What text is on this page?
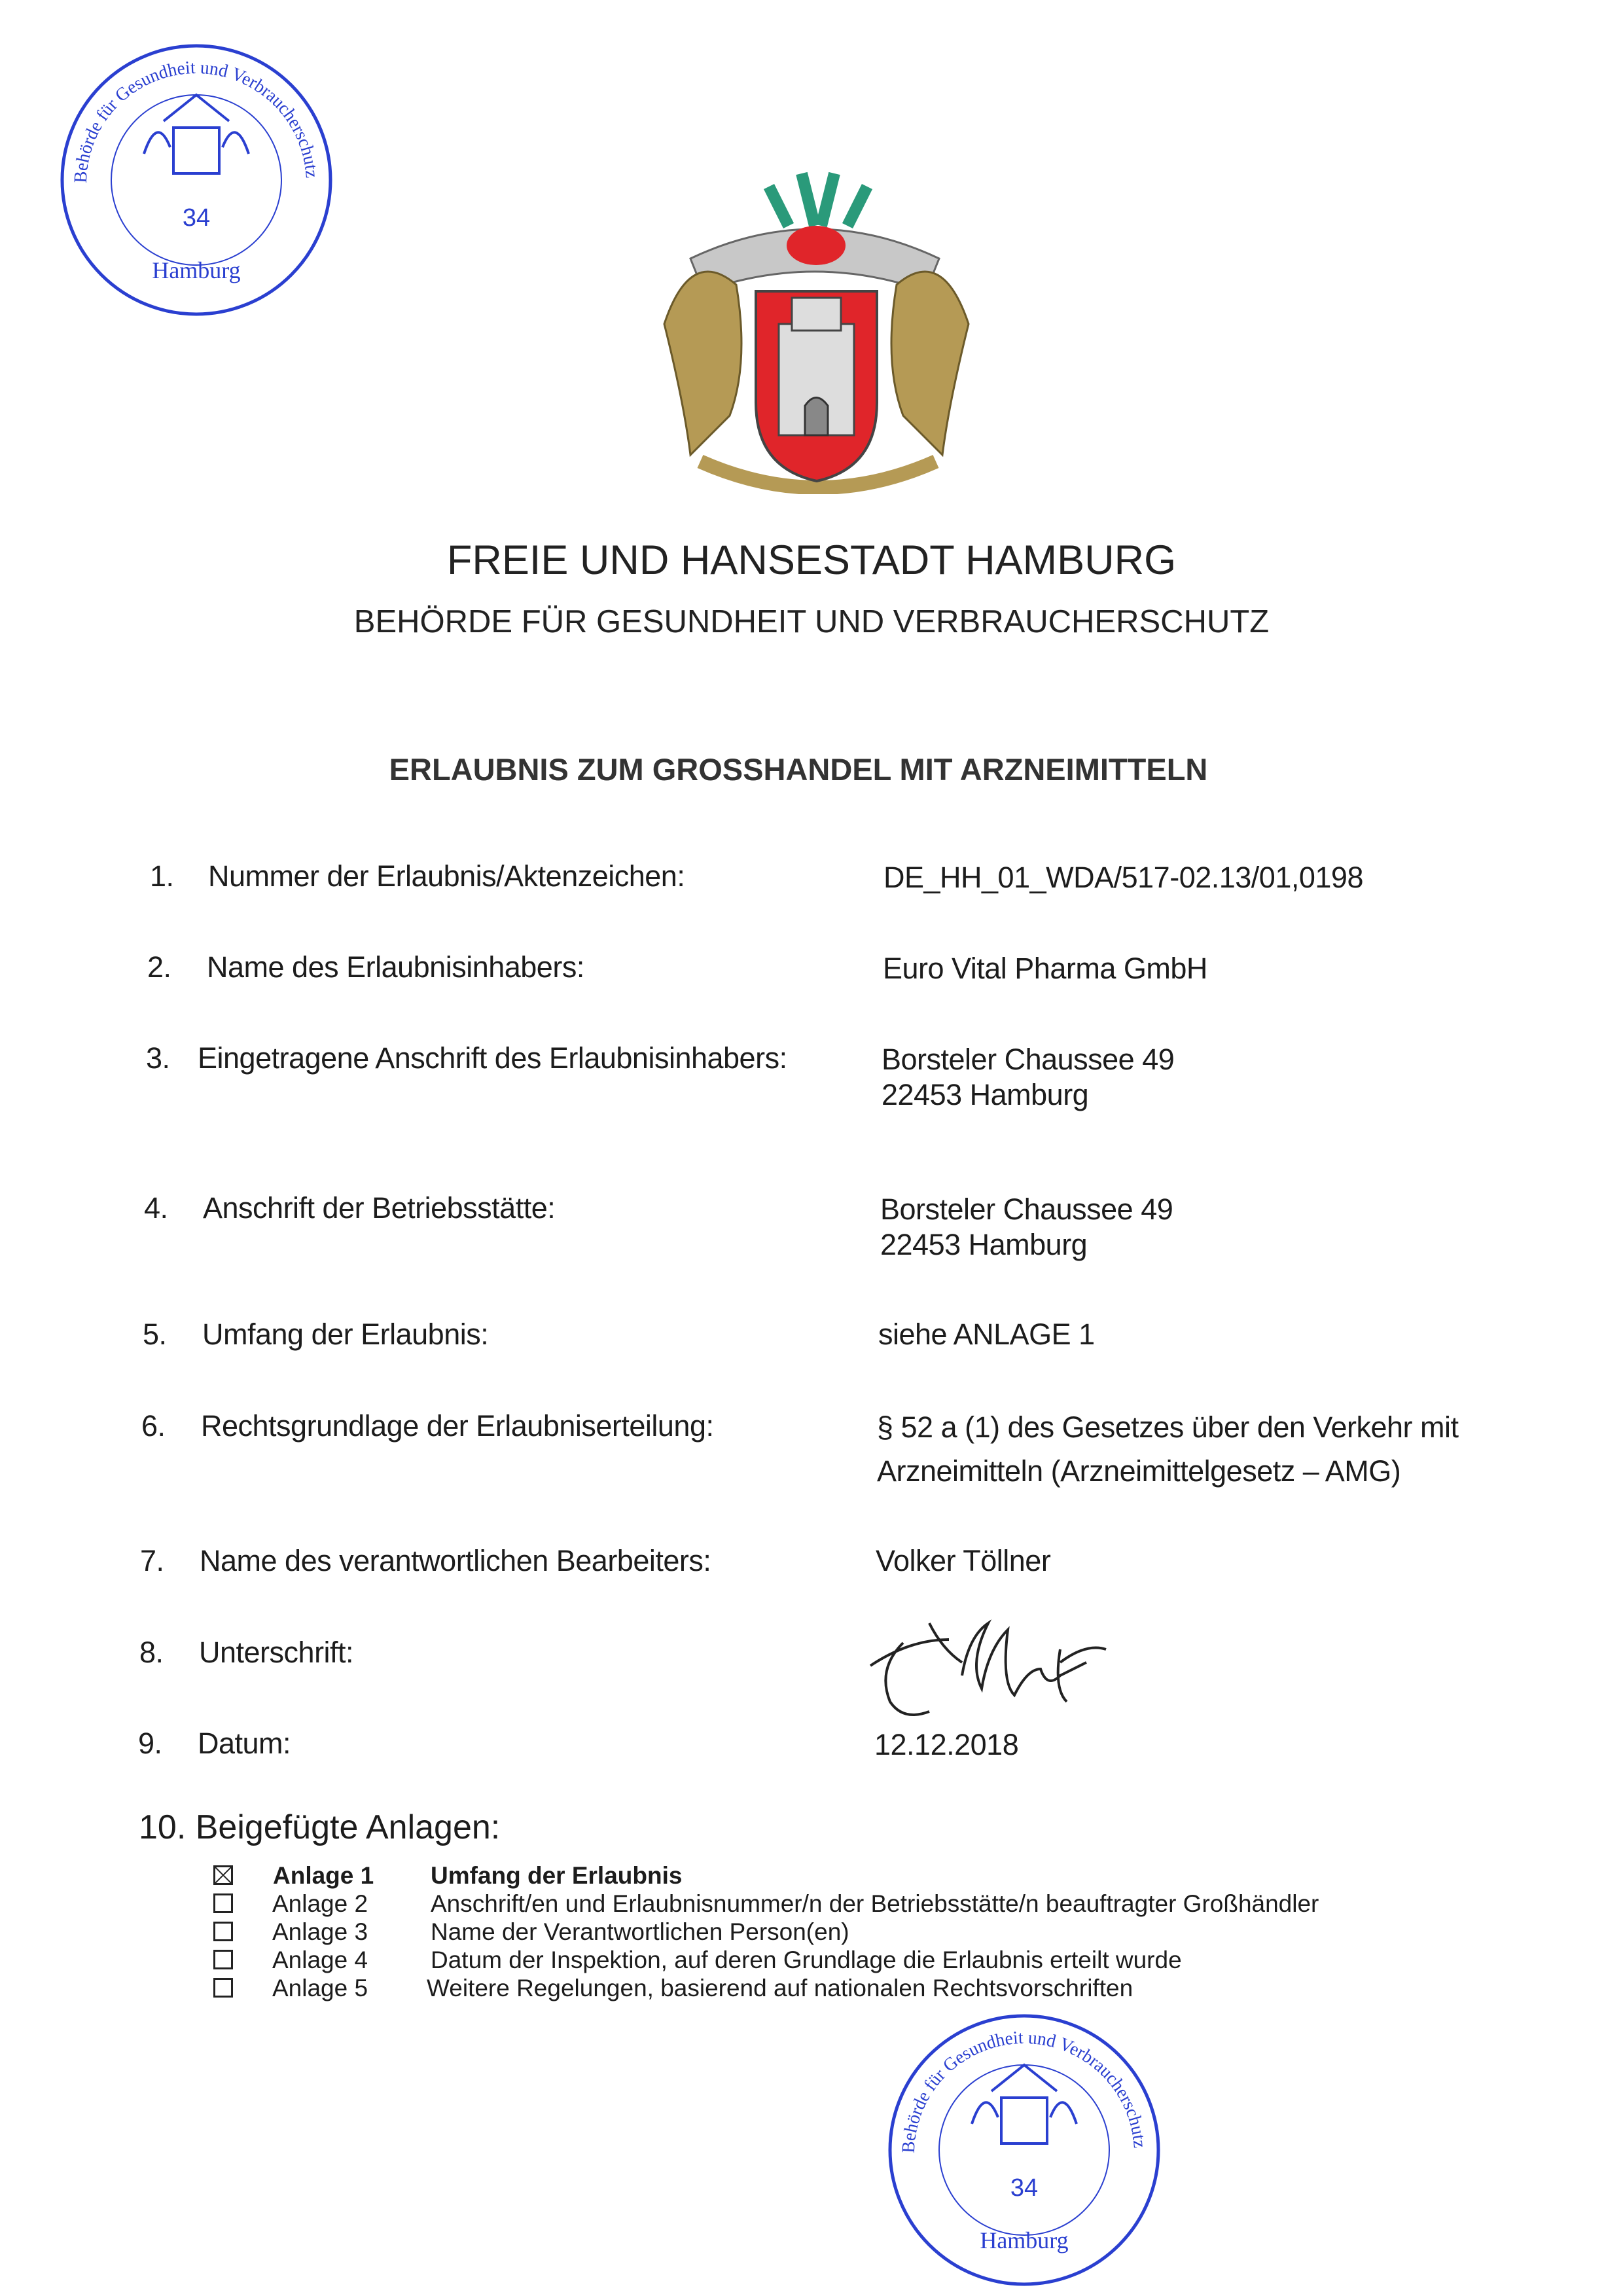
Behörde für Gesundheit und Verbraucherschutz
34
Hamburg
FREIE UND HANSESTADT HAMBURG
BEHÖRDE FÜR GESUNDHEIT UND VERBRAUCHERSCHUTZ
ERLAUBNIS ZUM GROSSHANDEL MIT ARZNEIMITTELN
1. Nummer der Erlaubnis/Aktenzeichen:	DE_HH_01_WDA/517-02.13/01,0198
2. Name des Erlaubnisinhabers:	Euro Vital Pharma GmbH
3. Eingetragene Anschrift des Erlaubnisinhabers:	Borsteler Chaussee 49
22453 Hamburg
4. Anschrift der Betriebsstätte:	Borsteler Chaussee 49
22453 Hamburg
5. Umfang der Erlaubnis:	siehe ANLAGE 1
6. Rechtsgrundlage der Erlaubniserteilung:	§ 52 a (1) des Gesetzes über den Verkehr mit
Arzneimitteln (Arzneimittelgesetz – AMG)
7. Name des verantwortlichen Bearbeiters:	Volker Töllner
8. Unterschrift:
9. Datum:	12.12.2018
10. Beigefügte Anlagen:
Anlage 1 Umfang der Erlaubnis
Anlage 2	Anschrift/en und Erlaubnisnummer/n der Betriebsstätte/n beauftragter Großhändler
Anlage 3	Name der Verantwortlichen Person(en)
Anlage 4	Datum der Inspektion, auf deren Grundlage die Erlaubnis erteilt wurde
Anlage 5 Weitere Regelungen, basierend auf nationalen Rechtsvorschriften
Behörde für Gesundheit und Verbraucherschutz
34
Hamburg
